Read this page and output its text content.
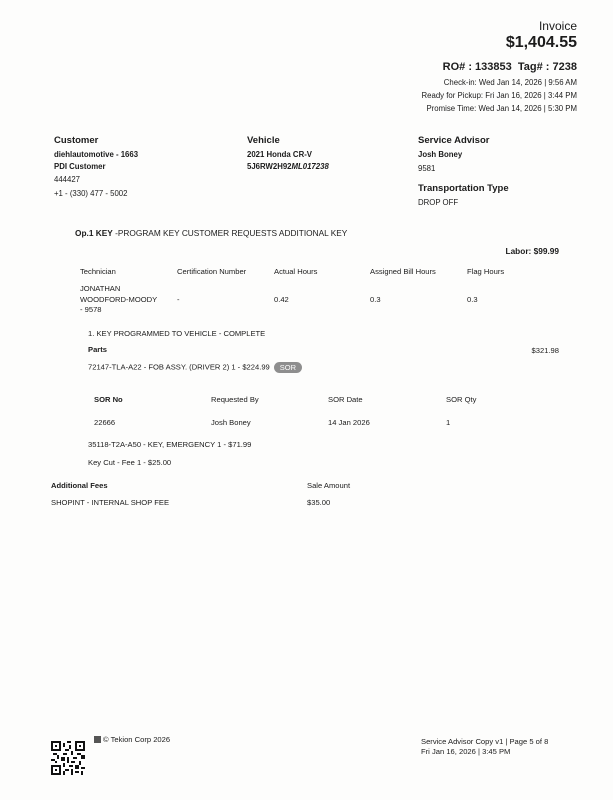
Invoice
$1,404.55
RO# : 133853 Tag# : 7238
Check-in: Wed Jan 14, 2026 | 9:56 AM
Ready for Pickup: Fri Jan 16, 2026 | 3:44 PM
Promise Time: Wed Jan 14, 2026 | 5:30 PM
Customer
diehlautomotive - 1663
PDI Customer
444427
+1 - (330) 477 - 5002
Vehicle
2021 Honda CR-V
5J6RW2H92ML017238
Service Advisor
Josh Boney
9581
Transportation Type
DROP OFF
Op.1 KEY -PROGRAM KEY CUSTOMER REQUESTS ADDITIONAL KEY
Labor: $99.99
Technician	Certification Number	Actual Hours	Assigned Bill Hours	Flag Hours
JONATHAN
WOODFORD-MOODY
- 9578
-	0.42	0.3	0.3
1. KEY PROGRAMMED TO VEHICLE - COMPLETE
Parts	$321.98
72147-TLA-A22 - FOB ASSY. (DRIVER 2) 1 - $224.99 SOR
SOR No	Requested By	SOR Date	SOR Qty
22666	Josh Boney	14 Jan 2026	1
35118-T2A-A50 - KEY, EMERGENCY 1 - $71.99
Key Cut - Fee 1 - $25.00
Additional Fees	Sale Amount
SHOPINT - INTERNAL SHOP FEE	$35.00
© Tekion Corp 2026	Service Advisor Copy v1 | Page 5 of 8
Fri Jan 16, 2026 | 3:45 PM
